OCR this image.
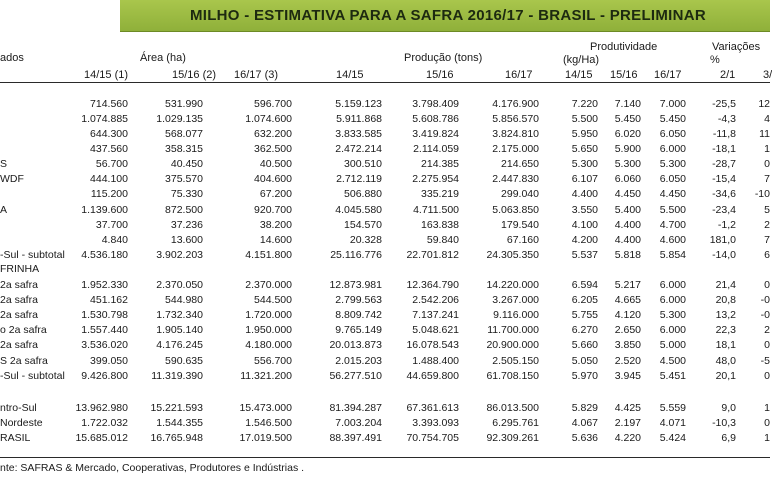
MILHO - ESTIMATIVA PARA A SAFRA 2016/17 - BRASIL - PRELIMINAR
ados	Área (ha)	Produção (tons)
Produtividade
(kg/Ha)
Variações
%
14/15 (1)	15/16 (2) 16/17 (3)	14/15	15/16	16/17	14/15 15/16 16/17	2/1	3/
714.560	531.990	596.700	5.159.123	3.798.409	4.176.900	7.220 7.140 7.000 -25,5 12
1.074.885	1.029.135	1.074.600	5.911.868	5.608.786	5.856.570	5.500 5.450 5.450	-4,3	4
644.300	568.077	632.200	3.833.585	3.419.824	3.824.810	5.950 6.020 6.050	-11,8 11
437.560	358.315	362.500	2.472.214	2.114.059	2.175.000	5.650 5.900 6.000 -18,1	1
S	56.700	40.450	40.500	300.510	214.385	214.650	5.300 5.300 5.300 -28,7	0
WDF	444.100	375.570	404.600	2.712.119	2.275.954	2.447.830	6.107 6.060 6.050 -15,4	7
115.200	75.330	67.200	506.880	335.219	299.040	4.400 4.450 4.450 -34,6 -10
A	1.139.600	872.500	920.700	4.045.580	4.711.500	5.063.850	3.550 5.400 5.500 -23,4	5
37.700	37.236	38.200	154.570	163.838	179.540	4.100 4.400 4.700	-1,2	2
4.840	13.600	14.600	20.328	59.840	67.160	4.200 4.400 4.600 181,0	7
-Sul - subtotal 4.536.180	3.902.203	4.151.800	25.116.776 22.701.812	24.305.350	5.537 5.818 5.854 -14,0	6
FRINHA
2a safra	1.952.330	2.370.050	2.370.000	12.873.981 12.364.790	14.220.000	6.594 5.217 6.000	21,4	0
2a safra	451.162	544.980	544.500	2.799.563	2.542.206	3.267.000	6.205 4.665 6.000	20,8 -0
2a safra	1.530.798	1.732.340	1.720.000	8.809.742	7.137.241	9.116.000	5.755 4.120 5.300	13,2 -0
o 2a safra	1.557.440	1.905.140	1.950.000	9.765.149	5.048.621	11.700.000	6.270 2.650 6.000	22,3	2
2a safra	3.536.020	4.176.245	4.180.000	20.013.873 16.078.543	20.900.000	5.660 3.850 5.000	18,1	0
S 2a safra	399.050	590.635	556.700	2.015.203	1.488.400	2.505.150	5.050 2.520 4.500	48,0 -5
-Sul - subtotal 9.426.800 11.319.390	11.321.200	56.277.510 44.659.800	61.708.150	5.970 3.945 5.451	20,1	0
ntro-Sul	13.962.980 15.221.593	15.473.000	81.394.287 67.361.613	86.013.500	5.829 4.425 5.559	9,0	1
Nordeste	1.722.032	1.544.355	1.546.500	7.003.204	3.393.093	6.295.761	4.067 2.197 4.071 -10,3	0
RASIL	15.685.012 16.765.948	17.019.500	88.397.491 70.754.705	92.309.261	5.636 4.220 5.424	6,9	1
nte: SAFRAS & Mercado, Cooperativas, Produtores e Indústrias .
